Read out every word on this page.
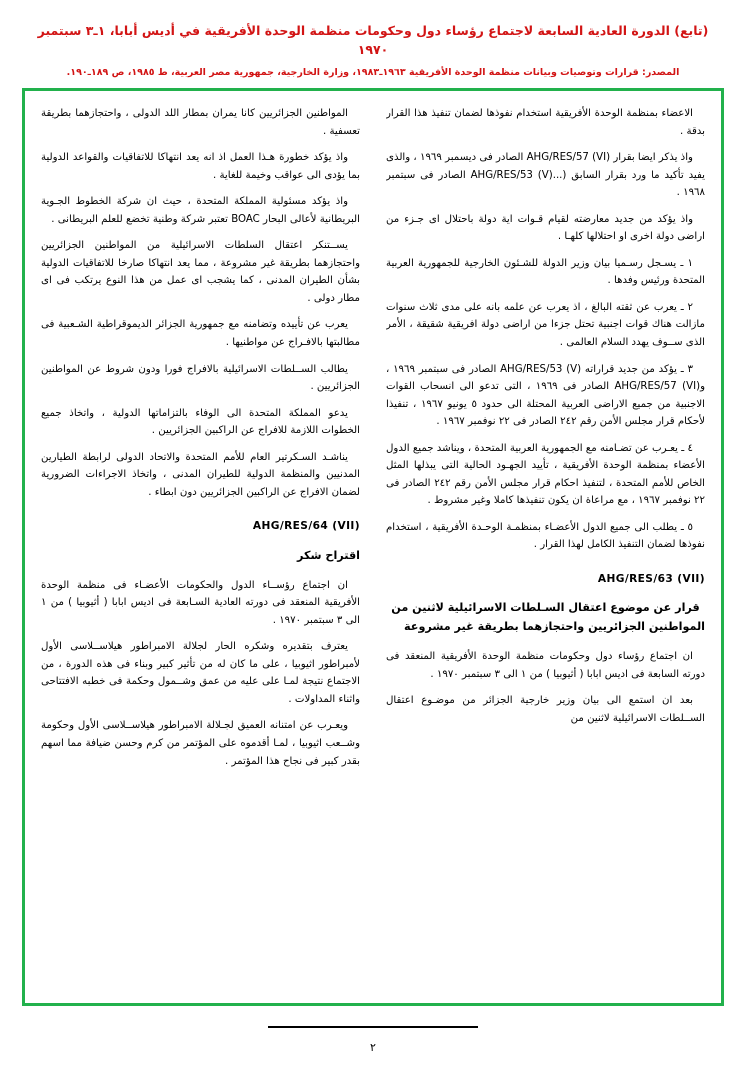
(تابع) الدورة العادية السابعة لاجتماع رؤساء دول وحكومات منظمة الوحدة الأفريقية في أديس أبابا، ١ـ٣ سبتمبر ١٩٧٠
المصدر: قرارات وتوصيات وبيانات منظمة الوحدة الأفريقية ١٩٦٣ـ١٩٨٣، وزارة الخارجية، جمهورية مصر العربية، ط ١٩٨٥، ص ١٨٩ـ١٩٠.

الاعضاء بمنظمة الوحدة الأفريقية استخدام نفوذها لضمان تنفيذ هذا القرار بدقة .

واذ يذكر ايضا بقرار (AHG/RES/57 (VI الصادر فى ديسمبر ١٩٦٩ ، والذى يفيد تأكيد ما ورد بقرار السابق (...AHG/RES/53 (V) الصادر فى سبتمبر ١٩٦٨ .

واذ يؤكد من جديد معارضته لقيام قـوات اية دولة باحتلال اى جـزء من اراضى دولة اخرى او احتلالها كلهـا .

١ ـ يسـجل رسـميا بيان وزير الدولة للشـئون الخارجية للجمهورية العربية المتحدة ورئيس وفدها .

٢ ـ يعرب عن ثقته البالغ ، اذ يعرب عن علمه بانه على مدى ثلاث سنوات مازالت هناك قوات اجنبية تحتل جزءا من اراضى دولة افريقية شقيقة ، الأمر الذى ســوف يهدد السلام العالمى .

٣ ـ يؤكد من جديد قراراته (AHG/RES/53 (V الصادر فى سبتمبر ١٩٦٩ ، و(AHG/RES/57 (VI الصادر فى ١٩٦٩ ، التى تدعو الى انسحاب القوات الاجنبية من جميع الاراضى العربية المحتلة الى حدود ٥ يونيو ١٩٦٧ ، تنفيذا لأحكام قرار مجلس الأمن رقم ٢٤٢ الصادر فى ٢٢ نوفمبر ١٩٦٧ .

٤ ـ يعـرب عن تضـامنه مع الجمهورية العربية المتحدة ، ويناشد جميع الدول الأعضاء بمنظمة الوحدة الأفريقية ، تأييد الجهـود الحالية التى يبذلها المثل الخاص للأمم المتحدة ، لتنفيذ احكام قرار مجلس الأمن رقم ٢٤٢ الصادر فى ٢٢ نوفمبر ١٩٦٧ ، مع مراعاة ان يكون تنفيذها كاملا وغير مشروط .

٥ ـ يطلب الى جميع الدول الأعضـاء بمنظمـة الوحـدة الأفريقية ، استخدام نفوذها لضمان التنفيذ الكامل لهذا القرار .

AHG/RES/63 (VII)
قرار عن موضوع اعتقال السـلطات الاسرائيلية لاثنين من المواطنين الجزائريين واحتجازهما بطريقة غير مشروعة

ان اجتماع رؤساء دول وحكومات منظمة الوحدة الأفريقية المنعقد فى دورته السابعة فى اديس ابابا ( أثيوبيا ) من ١ الى ٣ سبتمبر ١٩٧٠ .

بعد ان استمع الى بيان وزير خارجية الجزائر من موضـوع اعتقال الســلطات الاسرائيلية لاثنين من

المواطنين الجزائريين كانا يمران بمطار اللد الدولى ، واحتجازهما بطريقة تعسفية .

واذ يؤكد خطورة هـذا العمل اذ انه يعد انتهاكا للاتفاقيات والقواعد الدولية بما يؤدى الى عواقب وخيمة للغاية .

واذ يؤكد مسئولية المملكة المتحدة ، حيث ان شركة الخطوط الجـوية البريطانية لأعالى البحار BOAC تعتبر شركة وطنية تخضع للعلم البريطانى .

يســتنكر اعتقال السلطات الاسرائيلية من المواطنين الجزائريين واحتجازهما بطريقة غير مشروعة ، مما يعد انتهاكا صارخا للاتفاقيات الدولية بشأن الطيران المدنى ، كما يشجب اى عمل من هذا النوع يرتكب فى اى مطار دولى .

يعرب عن تأييده وتضامنه مع جمهورية الجزائر الديموقراطية الشـعبية فى مطالبتها بالافـراج عن مواطنيها .

يطالب الســلطات الاسرائيلية بالافراج فورا ودون شروط عن المواطنين الجزائريين .

يدعو المملكة المتحدة الى الوفاء بالتزاماتها الدولية ، واتخاذ جميع الخطوات اللازمة للافراج عن الراكبين الجزائريين .

يناشـد السـكرتير العام للأمم المتحدة والاتحاد الدولى لرابطة الطيارين المدنيين والمنظمة الدولية للطيران المدنى ، واتخاذ الاجراءات الضرورية لضمان الافراج عن الراكبين الجزائريين دون ابطاء .

AHG/RES/64 (VII)
اقتراح شكر

ان اجتماع رؤســاء الدول والحكومات الأعضـاء فى منظمة الوحدة الأفريقية المنعقد فى دورته العادية السـابعة فى اديس ابابا ( أثيوبيا ) من ١ الى ٣ سبتمبر ١٩٧٠ .

يعترف بتقديره وشكره الحار لجلالة الامبراطور هيلاســلاسى الأول لأمبراطور اثيوبيا ، على ما كان له من تأثير كبير وبناء فى هذه الدورة ، من الاجتماع نتيجة لمـا على عليه من عمق وشــمول وحكمة فى خطبه الافتتاحى واثناء المداولات .

ويعـرب عن امتنانه العميق لجـلالة الامبراطور هيلاســلاسى الأول وحكومة وشــعب اثيوبيا ، لمـا أقدموه على المؤتمر من كرم وحسن ضيافة مما اسهم بقدر كبير فى نجاح هذا المؤتمر .

٢
